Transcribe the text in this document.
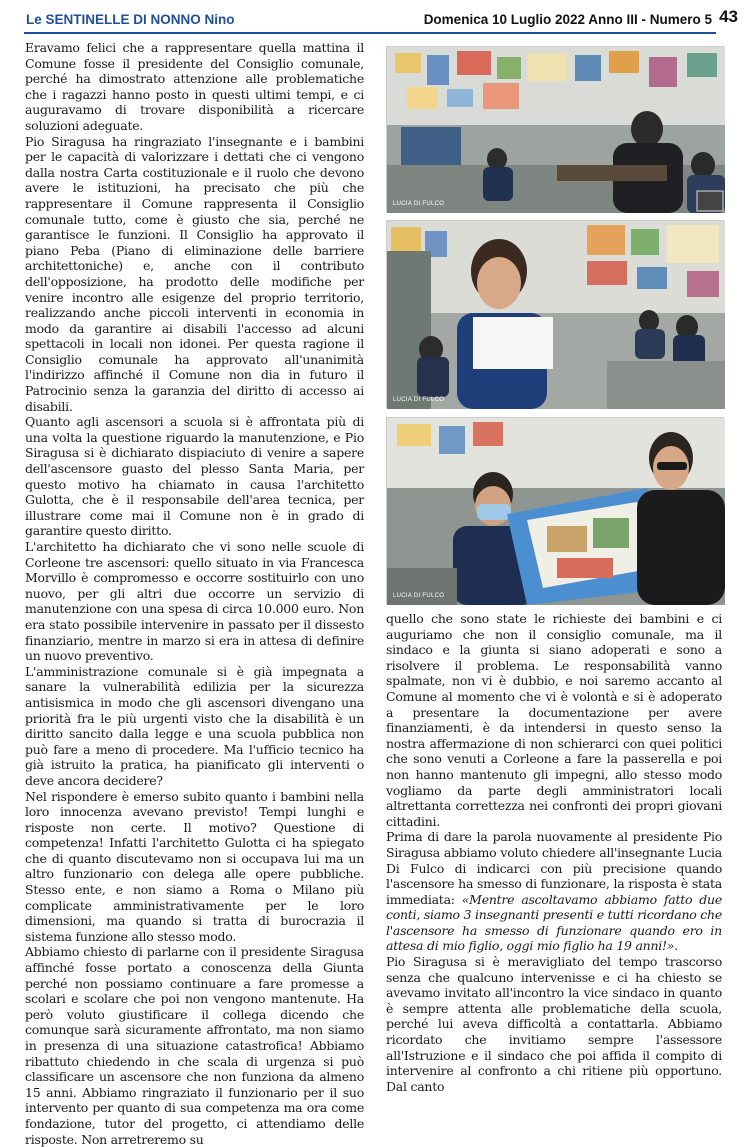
Le SENTINELLE DI NONNO Nino	Domenica 10 Luglio 2022 Anno III - Numero 5 43

Eravamo felici che a rappresentare quella mattina il Comune fosse il presidente del Consiglio comunale, perché ha dimostrato attenzione alle problematiche che i ragazzi hanno posto in questi ultimi tempi, e ci auguravamo di trovare disponibilità a ricercare soluzioni adeguate.

Pio Siragusa ha ringraziato l'insegnante e i bambini per le capacità di valorizzare i dettati che ci vengono dalla nostra Carta costituzionale e il ruolo che devono avere le istituzioni, ha precisato che più che rappresentare il Comune rappresenta il Consiglio comunale tutto, come è giusto che sia, perché ne garantisce le funzioni. Il Consiglio ha approvato il piano Peba (Piano di eliminazione delle barriere architettoniche) e, anche con il contributo dell'opposizione, ha prodotto delle modifiche per venire incontro alle esigenze del proprio territorio, realizzando anche piccoli interventi in economia in modo da garantire ai disabili l'accesso ad alcuni spettacoli in locali non idonei. Per questa ragione il Consiglio comunale ha approvato all'unanimità l'indirizzo affinché il Comune non dia in futuro il Patrocinio senza la garanzia del diritto di accesso ai disabili.

Quanto agli ascensori a scuola si è affrontata più di una volta la questione riguardo la manutenzione, e Pio Siragusa si è dichiarato dispiaciuto di venire a sapere dell'ascensore guasto del plesso Santa Maria, per questo motivo ha chiamato in causa l'architetto Gulotta, che è il responsabile dell'area tecnica, per illustrare come mai il Comune non è in grado di garantire questo diritto.

L'architetto ha dichiarato che vi sono nelle scuole di Corleone tre ascensori: quello situato in via Francesca Morvillo è compromesso e occorre sostituirlo con uno nuovo, per gli altri due occorre un servizio di manutenzione con una spesa di circa 10.000 euro. Non era stato possibile intervenire in passato per il dissesto finanziario, mentre in marzo si era in attesa di definire un nuovo preventivo.

L'amministrazione comunale si è già impegnata a sanare la vulnerabilità edilizia per la sicurezza antisismica in modo che gli ascensori divengano una priorità fra le più urgenti visto che la disabilità è un diritto sancito dalla legge e una scuola pubblica non può fare a meno di procedere. Ma l'ufficio tecnico ha già istruito la pratica, ha pianificato gli interventi o deve ancora decidere?

Nel rispondere è emerso subito quanto i bambini nella loro innocenza avevano previsto! Tempi lunghi e risposte non certe. Il motivo? Questione di competenza! Infatti l'architetto Gulotta ci ha spiegato che di quanto discutevamo non si occupava lui ma un altro funzionario con delega alle opere pubbliche. Stesso ente, e non siamo a Roma o Milano più complicate amministrativamente per le loro dimensioni, ma quando si tratta di burocrazia il sistema funzione allo stesso modo.

Abbiamo chiesto di parlarne con il presidente Siragusa affinché fosse portato a conoscenza della Giunta perché non possiamo continuare a fare promesse a scolari e scolare che poi non vengono mantenute. Ha però voluto giustificare il collega dicendo che comunque sarà sicuramente affrontato, ma non siamo in presenza di una situazione catastrofica! Abbiamo ribattuto chiedendo in che scala di urgenza si può classificare un ascensore che non funziona da almeno 15 anni. Abbiamo ringraziato il funzionario per il suo intervento per quanto di sua competenza ma ora come fondazione, tutor del progetto, ci attendiamo delle risposte. Non arretreremo su

LUCIA DI FULCO
LUCIA DI FULCO
LUCIA DI FULCO

quello che sono state le richieste dei bambini e ci auguriamo che non il consiglio comunale, ma il sindaco e la giunta si siano adoperati e sono a risolvere il problema. Le responsabilità vanno spalmate, non vi è dubbio, e noi saremo accanto al Comune al momento che vi è volontà e si è adoperato a presentare la documentazione per avere finanziamenti, è da intendersi in questo senso la nostra affermazione di non schierarci con quei politici che sono venuti a Corleone a fare la passerella e poi non hanno mantenuto gli impegni, allo stesso modo vogliamo da parte degli amministratori locali altrettanta correttezza nei confronti dei propri giovani cittadini.

Prima di dare la parola nuovamente al presidente Pio Siragusa abbiamo voluto chiedere all'insegnante Lucia Di Fulco di indicarci con più precisione quando l'ascensore ha smesso di funzionare, la risposta è stata immediata: «Mentre ascoltavamo abbiamo fatto due conti, siamo 3 insegnanti presenti e tutti ricordano che l'ascensore ha smesso di funzionare quando ero in attesa di mio figlio, oggi mio figlio ha 19 anni!».

Pio Siragusa si è meravigliato del tempo trascorso senza che qualcuno intervenisse e ci ha chiesto se avevamo invitato all'incontro la vice sindaco in quanto è sempre attenta alle problematiche della scuola, perché lui aveva difficoltà a contattarla. Abbiamo ricordato che invitiamo sempre l'assessore all'Istruzione e il sindaco che poi affida il compito di intervenire al confronto a chi ritiene più opportuno. Dal canto
